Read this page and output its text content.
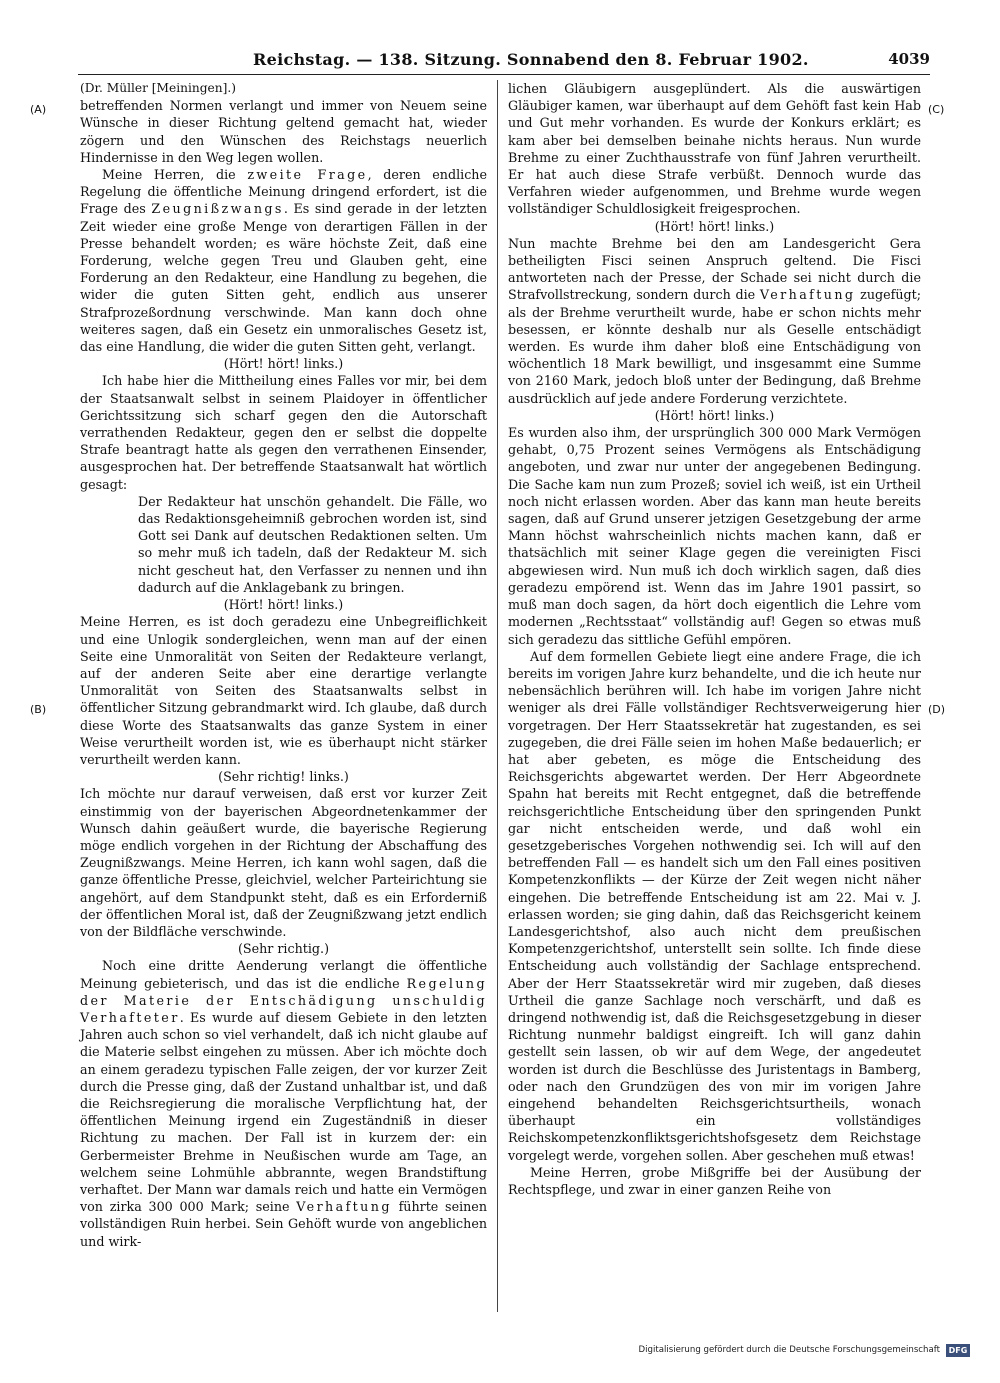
Reichstag. — 138. Sitzung. Sonnabend den 8. Februar 1902.	4039
(A)
(B)
(C)
(D)

(Dr. Müller [Meiningen].)

betreffenden Normen verlangt und immer von Neuem seine Wünsche in dieser Richtung geltend gemacht hat, wieder zögern und den Wünschen des Reichstags neuerlich Hindernisse in den Weg legen wollen.

Meine Herren, die zweite Frage, deren endliche Regelung die öffentliche Meinung dringend erfordert, ist die Frage des Zeugnißzwangs. Es sind gerade in der letzten Zeit wieder eine große Menge von derartigen Fällen in der Presse behandelt worden; es wäre höchste Zeit, daß eine Forderung, welche gegen Treu und Glauben geht, eine Forderung an den Redakteur, eine Handlung zu begehen, die wider die guten Sitten geht, endlich aus unserer Strafprozeßordnung verschwinde. Man kann doch ohne weiteres sagen, daß ein Gesetz ein unmoralisches Gesetz ist, das eine Handlung, die wider die guten Sitten geht, verlangt.

(Hört! hört! links.)

Ich habe hier die Mittheilung eines Falles vor mir, bei dem der Staatsanwalt selbst in seinem Plaidoyer in öffentlicher Gerichtssitzung sich scharf gegen den die Autorschaft verrathenden Redakteur, gegen den er selbst die doppelte Strafe beantragt hatte als gegen den verrathenen Einsender, ausgesprochen hat. Der betreffende Staatsanwalt hat wörtlich gesagt:

Der Redakteur hat unschön gehandelt. Die Fälle, wo das Redaktionsgeheimniß gebrochen worden ist, sind Gott sei Dank auf deutschen Redaktionen selten. Um so mehr muß ich tadeln, daß der Redakteur M. sich nicht gescheut hat, den Verfasser zu nennen und ihn dadurch auf die Anklagebank zu bringen.

(Hört! hört! links.)

Meine Herren, es ist doch geradezu eine Unbegreiflichkeit und eine Unlogik sondergleichen, wenn man auf der einen Seite eine Unmoralität von Seiten der Redakteure verlangt, auf der anderen Seite aber eine derartige verlangte Unmoralität von Seiten des Staatsanwalts selbst in öffentlicher Sitzung gebrandmarkt wird. Ich glaube, daß durch diese Worte des Staatsanwalts das ganze System in einer Weise verurtheilt worden ist, wie es überhaupt nicht stärker verurtheilt werden kann.

(Sehr richtig! links.)

Ich möchte nur darauf verweisen, daß erst vor kurzer Zeit einstimmig von der bayerischen Abgeordnetenkammer der Wunsch dahin geäußert wurde, die bayerische Regierung möge endlich vorgehen in der Richtung der Abschaffung des Zeugnißzwangs. Meine Herren, ich kann wohl sagen, daß die ganze öffentliche Presse, gleichviel, welcher Parteirichtung sie angehört, auf dem Standpunkt steht, daß es ein Erforderniß der öffentlichen Moral ist, daß der Zeugnißzwang jetzt endlich von der Bildfläche verschwinde.

(Sehr richtig.)

Noch eine dritte Aenderung verlangt die öffentliche Meinung gebieterisch, und das ist die endliche Regelung der Materie der Entschädigung unschuldig Verhafteter. Es wurde auf diesem Gebiete in den letzten Jahren auch schon so viel verhandelt, daß ich nicht glaube auf die Materie selbst eingehen zu müssen. Aber ich möchte doch an einem geradezu typischen Falle zeigen, der vor kurzer Zeit durch die Presse ging, daß der Zustand unhaltbar ist, und daß die Reichsregierung die moralische Verpflichtung hat, der öffentlichen Meinung irgend ein Zugeständniß in dieser Richtung zu machen. Der Fall ist in kurzem der: ein Gerbermeister Brehme in Neußischen wurde am Tage, an welchem seine Lohmühle abbrannte, wegen Brandstiftung verhaftet. Der Mann war damals reich und hatte ein Vermögen von zirka 300 000 Mark; seine Verhaftung führte seinen vollständigen Ruin herbei. Sein Gehöft wurde von angeblichen und wirk-

lichen Gläubigern ausgeplündert. Als die auswärtigen Gläubiger kamen, war überhaupt auf dem Gehöft fast kein Hab und Gut mehr vorhanden. Es wurde der Konkurs erklärt; es kam aber bei demselben beinahe nichts heraus. Nun wurde Brehme zu einer Zuchthausstrafe von fünf Jahren verurtheilt. Er hat auch diese Strafe verbüßt. Dennoch wurde das Verfahren wieder aufgenommen, und Brehme wurde wegen vollständiger Schuldlosigkeit freigesprochen.

(Hört! hört! links.)

Nun machte Brehme bei den am Landesgericht Gera betheiligten Fisci seinen Anspruch geltend. Die Fisci antworteten nach der Presse, der Schade sei nicht durch die Strafvollstreckung, sondern durch die Verhaftung zugefügt; als der Brehme verurtheilt wurde, habe er schon nichts mehr besessen, er könnte deshalb nur als Geselle entschädigt werden. Es wurde ihm daher bloß eine Entschädigung von wöchentlich 18 Mark bewilligt, und insgesammt eine Summe von 2160 Mark, jedoch bloß unter der Bedingung, daß Brehme ausdrücklich auf jede andere Forderung verzichtete.

(Hört! hört! links.)

Es wurden also ihm, der ursprünglich 300 000 Mark Vermögen gehabt, 0,75 Prozent seines Vermögens als Entschädigung angeboten, und zwar nur unter der angegebenen Bedingung. Die Sache kam nun zum Prozeß; soviel ich weiß, ist ein Urtheil noch nicht erlassen worden. Aber das kann man heute bereits sagen, daß auf Grund unserer jetzigen Gesetzgebung der arme Mann höchst wahrscheinlich nichts machen kann, daß er thatsächlich mit seiner Klage gegen die vereinigten Fisci abgewiesen wird. Nun muß ich doch wirklich sagen, daß dies geradezu empörend ist. Wenn das im Jahre 1901 passirt, so muß man doch sagen, da hört doch eigentlich die Lehre vom modernen „Rechtsstaat“ vollständig auf! Gegen so etwas muß sich geradezu das sittliche Gefühl empören.

Auf dem formellen Gebiete liegt eine andere Frage, die ich bereits im vorigen Jahre kurz behandelte, und die ich heute nur nebensächlich berühren will. Ich habe im vorigen Jahre nicht weniger als drei Fälle vollständiger Rechtsverweigerung hier vorgetragen. Der Herr Staatssekretär hat zugestanden, es sei zugegeben, die drei Fälle seien im hohen Maße bedauerlich; er hat aber gebeten, es möge die Entscheidung des Reichsgerichts abgewartet werden. Der Herr Abgeordnete Spahn hat bereits mit Recht entgegnet, daß die betreffende reichsgerichtliche Entscheidung über den springenden Punkt gar nicht entscheiden werde, und daß wohl ein gesetzgeberisches Vorgehen nothwendig sei. Ich will auf den betreffenden Fall — es handelt sich um den Fall eines positiven Kompetenzkonflikts — der Kürze der Zeit wegen nicht näher eingehen. Die betreffende Entscheidung ist am 22. Mai v. J. erlassen worden; sie ging dahin, daß das Reichsgericht keinem Landesgerichtshof, also auch nicht dem preußischen Kompetenzgerichtshof, unterstellt sein sollte. Ich finde diese Entscheidung auch vollständig der Sachlage entsprechend. Aber der Herr Staatssekretär wird mir zugeben, daß dieses Urtheil die ganze Sachlage noch verschärft, und daß es dringend nothwendig ist, daß die Reichsgesetzgebung in dieser Richtung nunmehr baldigst eingreift. Ich will ganz dahin gestellt sein lassen, ob wir auf dem Wege, der angedeutet worden ist durch die Beschlüsse des Juristentags in Bamberg, oder nach den Grundzügen des von mir im vorigen Jahre eingehend behandelten Reichsgerichtsurtheils, wonach überhaupt ein vollständiges Reichskompetenzkonfliktsgerichtshofsgesetz dem Reichstage vorgelegt werde, vorgehen sollen. Aber geschehen muß etwas!

Meine Herren, grobe Mißgriffe bei der Ausübung der Rechtspflege, und zwar in einer ganzen Reihe von

Digitalisierung gefördert durch die Deutsche Forschungsgemeinschaft	DFG
